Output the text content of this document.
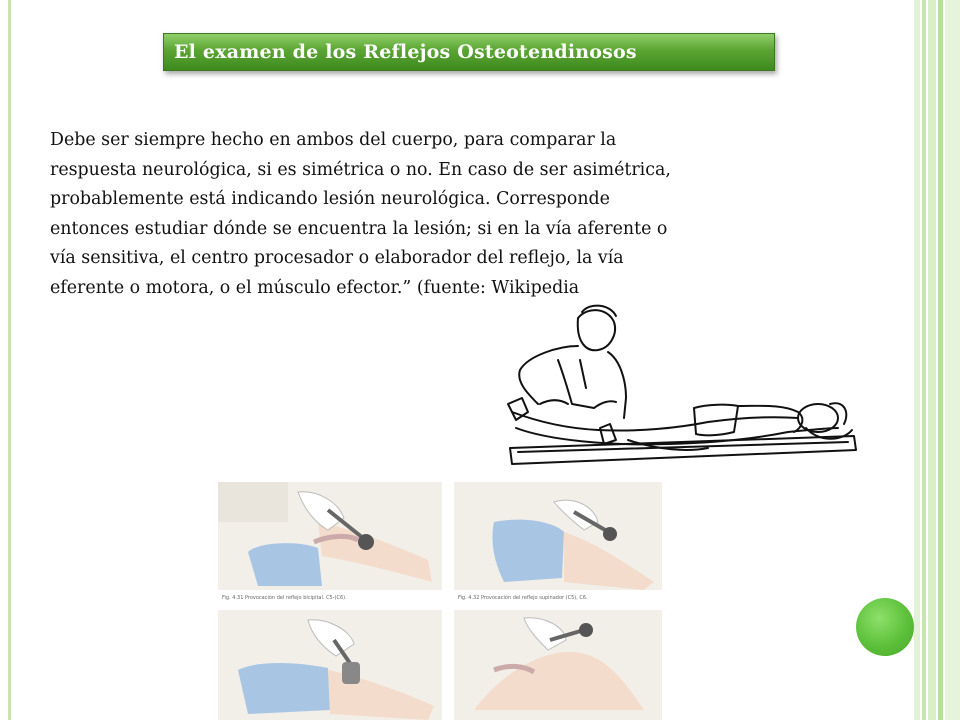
El examen de los Reflejos Osteotendinosos

Debe ser siempre hecho en ambos del cuerpo, para comparar la
respuesta neurológica, si es simétrica o no. En caso de ser asimétrica,
probablemente está indicando lesión neurológica. Corresponde
entonces estudiar dónde se encuentra la lesión; si en la vía aferente o
vía sensitiva, el centro procesador o elaborador del reflejo, la vía
eferente o motora, o el músculo efector.” (fuente: Wikipedia

Fig. 4.31 Provocación del reflejo bicipital. C5-(C6).	Fig. 4.32 Provocación del reflejo supinador (C5), C6.
